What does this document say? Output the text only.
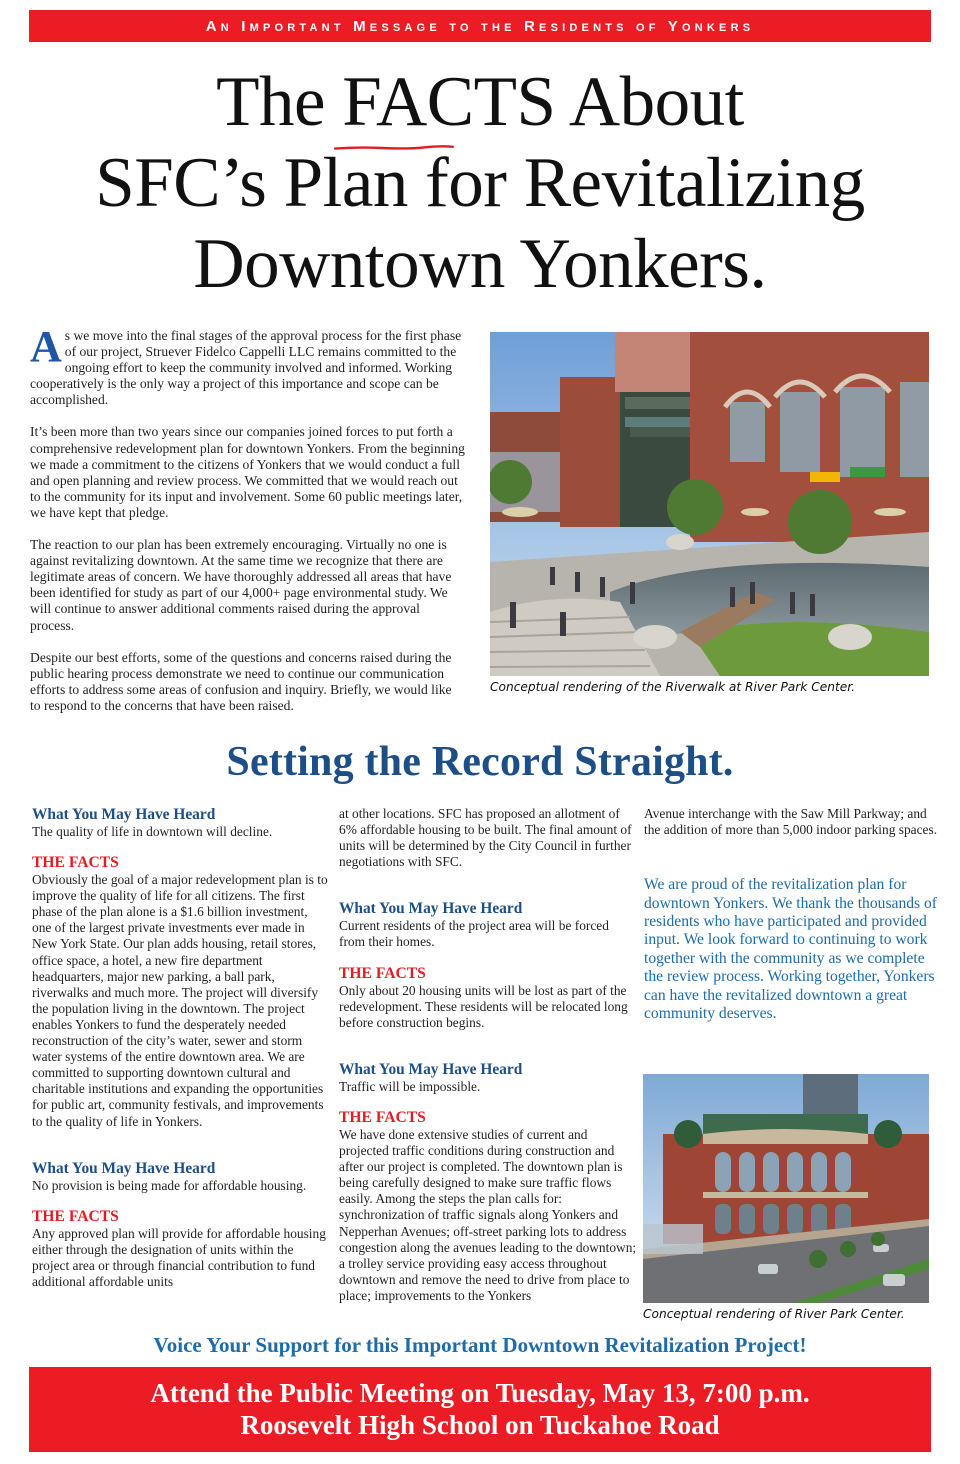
An Important Message to the Residents of Yonkers
The FACTS
About
SFC’s Plan for Revitalizing
Downtown Yonkers.

As we move into the final stages of the approval process for the first phase of our project, Struever Fidelco Cappelli LLC remains committed to the ongoing effort to keep the community involved and informed. Working cooperatively is the only way a project of this importance and scope can be accomplished.

It’s been more than two years since our companies joined forces to put forth a comprehensive redevelopment plan for downtown Yonkers. From the beginning we made a commitment to the citizens of Yonkers that we would conduct a full and open planning and review process. We committed that we would reach out to the community for its input and involvement. Some 60 public meetings later, we have kept that pledge.

The reaction to our plan has been extremely encouraging. Virtually no one is against revitalizing downtown. At the same time we recognize that there are legitimate areas of concern. We have thoroughly addressed all areas that have been identified for study as part of our 4,000+ page environmental study. We will continue to answer additional comments raised during the approval process.

Despite our best efforts, some of the questions and concerns raised during the public hearing process demonstrate we need to continue our communication efforts to address some areas of confusion and inquiry. Briefly, we would like to respond to the concerns that have been raised.

Conceptual rendering of the Riverwalk at River Park Center.
Setting the Record Straight.
What You May Have Heard
The quality of life in downtown will decline.
THE FACTS
Obviously the goal of a major redevelopment plan is to improve the quality of life for all citizens. The first phase of the plan alone is a $1.6 billion investment, one of the largest private investments ever made in New York State. Our plan adds housing, retail stores, office space, a hotel, a new fire department headquarters, major new parking, a ball park, riverwalks and much more. The project will diversify the population living in the downtown. The project enables Yonkers to fund the desperately needed reconstruction of the city’s water, sewer and storm water systems of the entire downtown area. We are committed to supporting downtown cultural and charitable institutions and expanding the opportunities for public art, community festivals, and improvements to the quality of life in Yonkers.
What You May Have Heard
No provision is being made for affordable housing.
THE FACTS
Any approved plan will provide for affordable housing either through the designation of units within the project area or through financial contribution to fund additional affordable units
at other locations. SFC has proposed an allotment of 6% affordable housing to be built. The final amount of units will be determined by the City Council in further negotiations with SFC.
What You May Have Heard
Current residents of the project area will be forced from their homes.
THE FACTS
Only about 20 housing units will be lost as part of the redevelopment. These residents will be relocated long before construction begins.
What You May Have Heard
Traffic will be impossible.
THE FACTS
We have done extensive studies of current and projected traffic conditions during construction and after our project is completed. The downtown plan is being carefully designed to make sure traffic flows easily. Among the steps the plan calls for: synchronization of traffic signals along Yonkers and Nepperhan Avenues; off-street parking lots to address congestion along the avenues leading to the downtown; a trolley service providing easy access throughout downtown and remove the need to drive from place to place; improvements to the Yonkers
Avenue interchange with the Saw Mill Parkway; and the addition of more than 5,000 indoor parking spaces.
We are proud of the revitalization plan for downtown Yonkers. We thank the thousands of residents who have participated and provided input. We look forward to continuing to work together with the community as we complete the review process. Working together, Yonkers can have the revitalized downtown a great community deserves.
Conceptual rendering of River Park Center.
Voice Your Support for this Important Downtown Revitalization Project!
Attend the Public Meeting on Tuesday, May 13, 7:00 p.m.
Roosevelt High School on Tuckahoe Road
